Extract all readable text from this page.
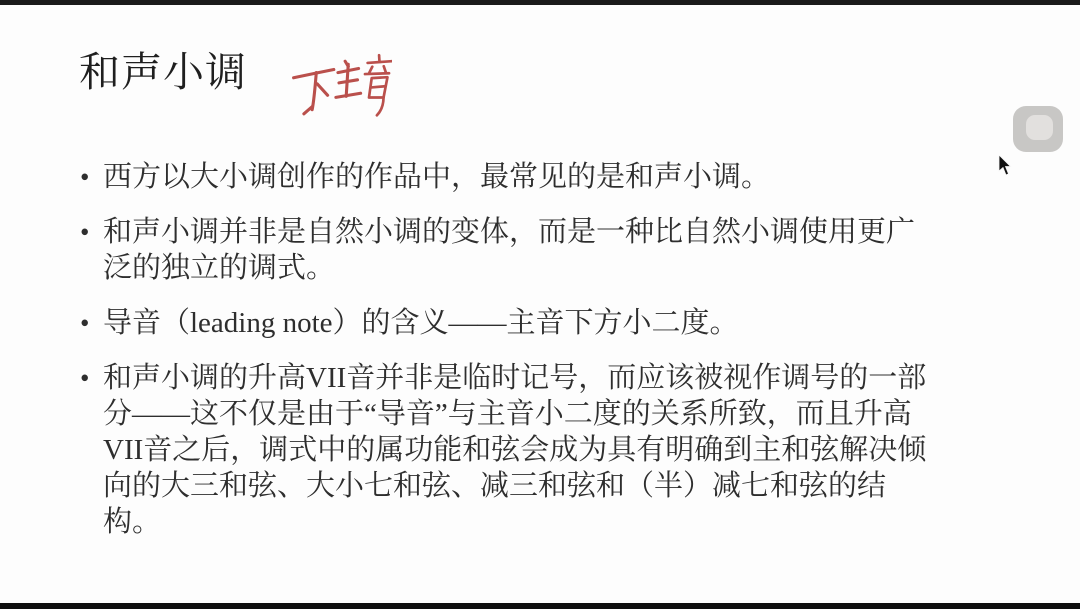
和声小调
• 西方以大小调创作的作品中，最常见的是和声小调。
• 和声小调并非是自然小调的变体，而是一种比自然小调使用更广泛的独立的调式。
• 导音（leading note）的含义——主音下方小二度。
• 和声小调的升高VII音并非是临时记号，而应该被视作调号的一部分——这不仅是由于“导音”与主音小二度的关系所致，而且升高VII音之后，调式中的属功能和弦会成为具有明确到主和弦解决倾向的大三和弦、大小七和弦、减三和弦和（半）减七和弦的结构。
